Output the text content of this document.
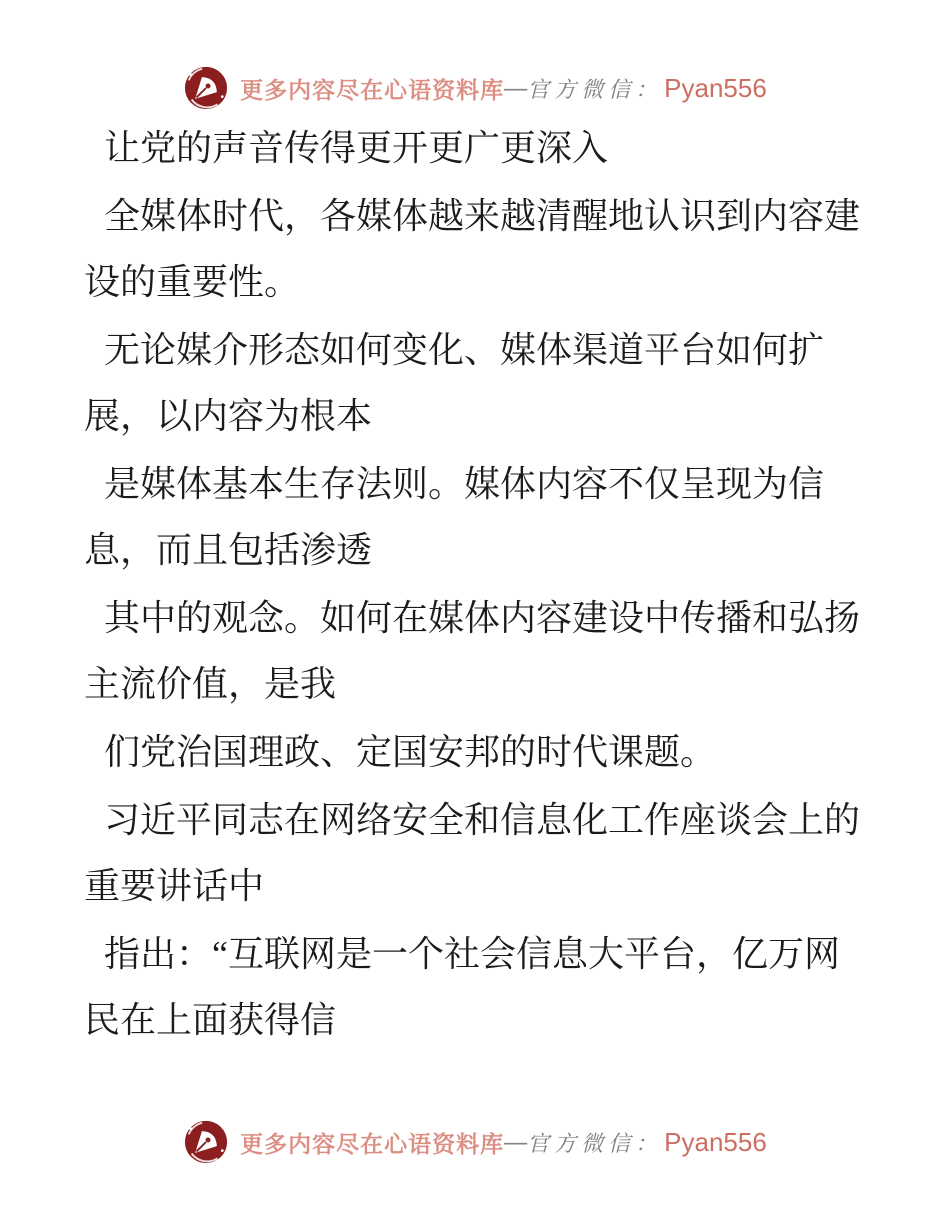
更多内容尽在心语资料库 — 官方微信： Pyan556
让党的声音传得更开更广更深入
全媒体时代，各媒体越来越清醒地认识到内容建
设的重要性。
无论媒介形态如何变化、媒体渠道平台如何扩
展，以内容为根本
是媒体基本生存法则。媒体内容不仅呈现为信
息，而且包括渗透
其中的观念。如何在媒体内容建设中传播和弘扬
主流价值，是我
们党治国理政、定国安邦的时代课题。
习近平同志在网络安全和信息化工作座谈会上的
重要讲话中
指出：“互联网是一个社会信息大平台，亿万网
民在上面获得信
更多内容尽在心语资料库 — 官方微信： Pyan556
